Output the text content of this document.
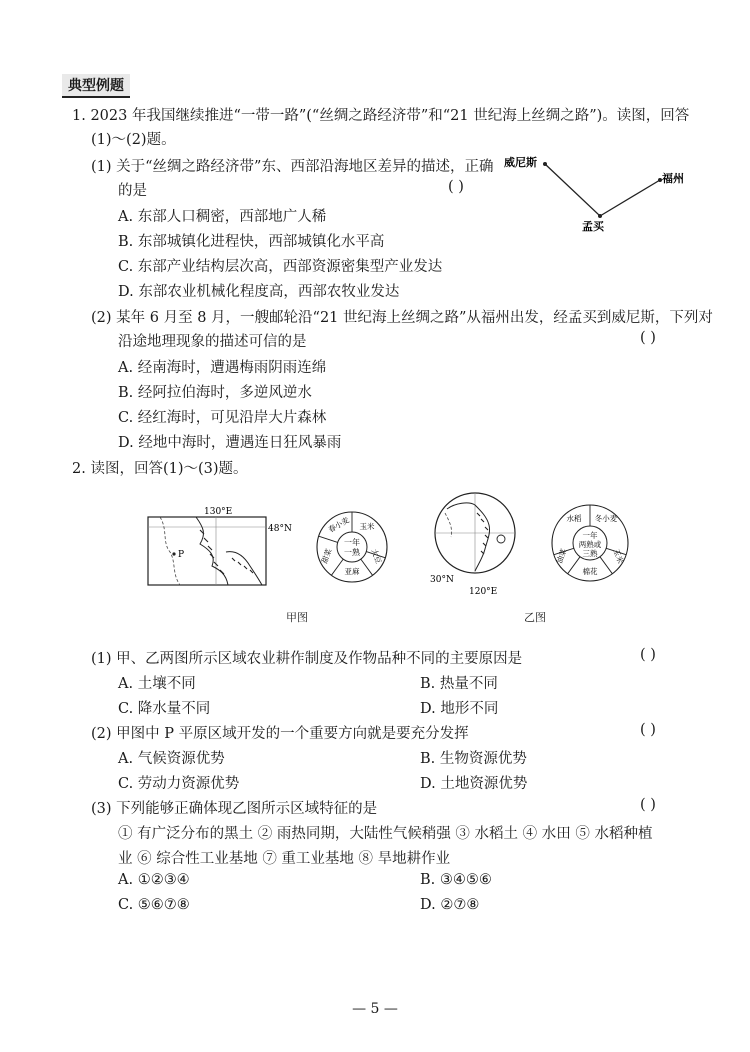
典型例题
1. 2023 年我国继续推进“一带一路”(“丝绸之路经济带”和“21 世纪海上丝绸之路”)。读图，回答
(1)～(2)题。
(1) 关于“丝绸之路经济带”东、西部沿海地区差异的描述，正确
的是	( )
A. 东部人口稠密，西部地广人稀
B. 东部城镇化进程快，西部城镇化水平高
C. 东部产业结构层次高，西部资源密集型产业发达
D. 东部农业机械化程度高，西部农牧业发达
威尼斯
福州
孟买
(2) 某年 6 月至 8 月，一艘邮轮沿“21 世纪海上丝绸之路”从福州出发，经孟买到威尼斯，下列对
沿途地理现象的描述可信的是	( )
A. 经南海时，遭遇梅雨阴雨连绵
B. 经阿拉伯海时，多逆风逆水
C. 经红海时，可见沿岸大片森林
D. 经地中海时，遭遇连日狂风暴雨
2. 读图，回答(1)～(3)题。
P
130°E
48°N
一年
一熟
春小麦 玉米
大豆
亚麻
甜菜
甲图
30°N
120°E
一年
两熟或
三熟
冬小麦
玉米
棉花
油菜
水稻
乙图
(1) 甲、乙两图所示区域农业耕作制度及作物品种不同的主要原因是	( )
A. 土壤不同	B. 热量不同
C. 降水量不同	D. 地形不同
(2) 甲图中 P 平原区域开发的一个重要方向就是要充分发挥	( )
A. 气候资源优势	B. 生物资源优势
C. 劳动力资源优势	D. 土地资源优势
(3) 下列能够正确体现乙图所示区域特征的是	( )
① 有广泛分布的黑土 ② 雨热同期，大陆性气候稍强 ③ 水稻土 ④ 水田 ⑤ 水稻种植
业 ⑥ 综合性工业基地 ⑦ 重工业基地 ⑧ 旱地耕作业
A. ①②③④	B. ③④⑤⑥
C. ⑤⑥⑦⑧	D. ②⑦⑧
— 5 —
